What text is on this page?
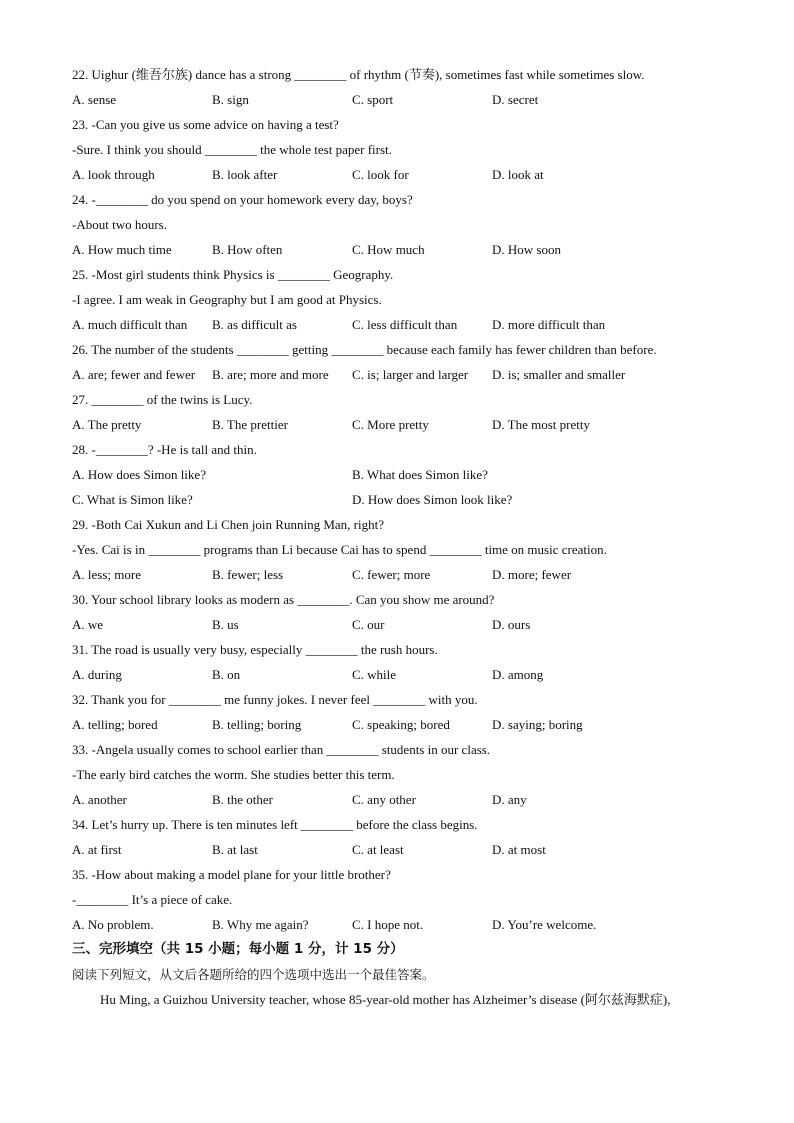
22. Uighur (维吾尔族) dance has a strong ________ of rhythm (节奏), sometimes fast while sometimes slow.
A. sense	B. sign	C. sport	D. secret
23. -Can you give us some advice on having a test?
-Sure. I think you should ________ the whole test paper first.
A. look through	B. look after	C. look for	D. look at
24. -________ do you spend on your homework every day, boys?
-About two hours.
A. How much time	B. How often	C. How much	D. How soon
25. -Most girl students think Physics is ________ Geography.
-I agree. I am weak in Geography but I am good at Physics.
A. much difficult than	B. as difficult as	C. less difficult than	D. more difficult than
26. The number of the students ________ getting ________ because each family has fewer children than before.
A. are; fewer and fewer	B. are; more and more	C. is; larger and larger	D. is; smaller and smaller
27. ________ of the twins is Lucy.
A. The pretty	B. The prettier	C. More pretty	D. The most pretty
28. -________? -He is tall and thin.
A. How does Simon like?	B. What does Simon like?
C. What is Simon like?	D. How does Simon look like?
29. -Both Cai Xukun and Li Chen join Running Man, right?
-Yes. Cai is in ________ programs than Li because Cai has to spend ________ time on music creation.
A. less; more	B. fewer; less	C. fewer; more	D. more; fewer
30. Your school library looks as modern as ________. Can you show me around?
A. we	B. us	C. our	D. ours
31. The road is usually very busy, especially ________ the rush hours.
A. during	B. on	C. while	D. among
32. Thank you for ________ me funny jokes. I never feel ________ with you.
A. telling; bored	B. telling; boring	C. speaking; bored	D. saying; boring
33. -Angela usually comes to school earlier than ________ students in our class.
-The early bird catches the worm. She studies better this term.
A. another	B. the other	C. any other	D. any
34. Let’s hurry up. There is ten minutes left ________ before the class begins.
A. at first	B. at last	C. at least	D. at most
35. -How about making a model plane for your little brother?
-________ It’s a piece of cake.
A. No problem.	B. Why me again?	C. I hope not.	D. You’re welcome.
三、完形填空（共 15 小题；每小题 1 分，计 15 分）
阅读下列短文，从文后各题所给的四个选项中选出一个最佳答案。
Hu Ming, a Guizhou University teacher, whose 85-year-old mother has Alzheimer’s disease (阿尔兹海默症),
